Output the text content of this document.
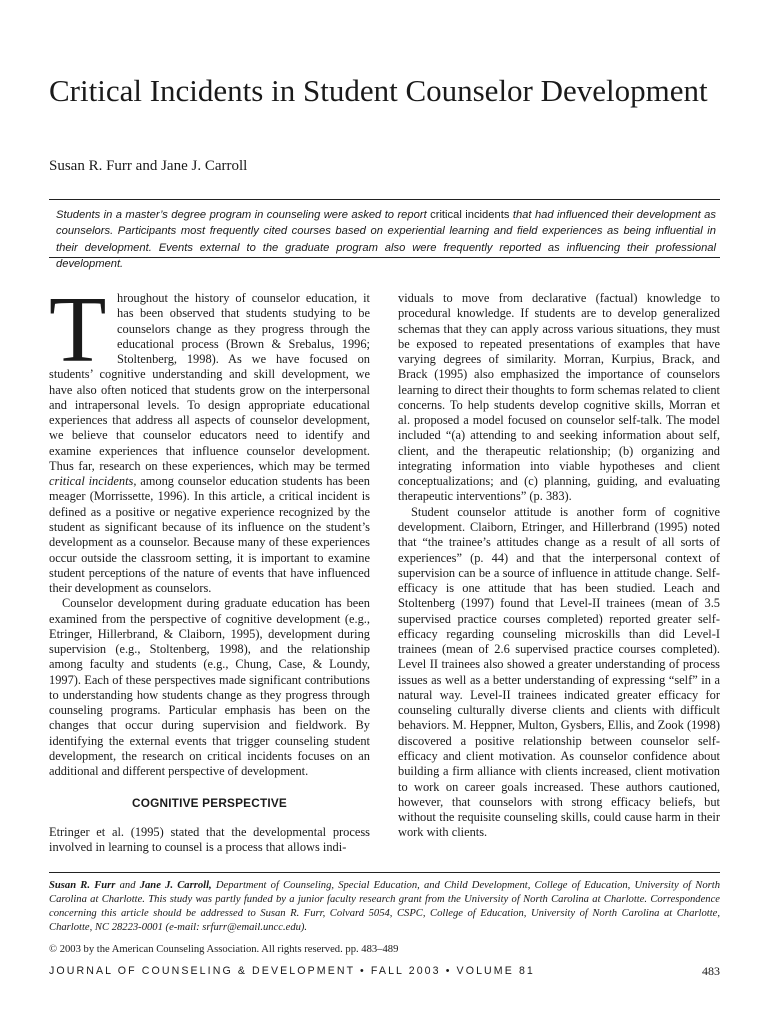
Critical Incidents in Student Counselor Development
Susan R. Furr and Jane J. Carroll
Students in a master’s degree program in counseling were asked to report critical incidents that had influenced their development as counselors. Participants most frequently cited courses based on experiential learning and field experiences as being influential in their development. Events external to the graduate program also were frequently reported as influencing their professional development.

Throughout the history of counselor education, it has been observed that students studying to be counselors change as they progress through the educational process (Brown & Srebalus, 1996; Stoltenberg, 1998). As we have focused on students’ cognitive understanding and skill development, we have also often noticed that students grow on the interpersonal and intrapersonal levels. To design appropriate educational experiences that address all aspects of counselor development, we believe that counselor educators need to identify and examine experiences that influence counselor development. Thus far, research on these experiences, which may be termed critical incidents, among counselor education students has been meager (Morrissette, 1996). In this article, a critical incident is defined as a positive or negative experience recognized by the student as significant because of its influence on the student’s development as a counselor. Because many of these experiences occur outside the classroom setting, it is important to examine student perceptions of the nature of events that have influenced their development as counselors.

Counselor development during graduate education has been examined from the perspective of cognitive development (e.g., Etringer, Hillerbrand, & Claiborn, 1995), development during supervision (e.g., Stoltenberg, 1998), and the relationship among faculty and students (e.g., Chung, Case, & Loundy, 1997). Each of these perspectives made significant contributions to understanding how students change as they progress through counseling programs. Particular emphasis has been on the changes that occur during supervision and fieldwork. By identifying the external events that trigger counseling student development, the research on critical incidents focuses on an additional and different perspective of development.

COGNITIVE PERSPECTIVE

Etringer et al. (1995) stated that the developmental process involved in learning to counsel is a process that allows indi-

viduals to move from declarative (factual) knowledge to procedural knowledge. If students are to develop generalized schemas that they can apply across various situations, they must be exposed to repeated presentations of examples that have varying degrees of similarity. Morran, Kurpius, Brack, and Brack (1995) also emphasized the importance of counselors learning to direct their thoughts to form schemas related to client concerns. To help students develop cognitive skills, Morran et al. proposed a model focused on counselor self-talk. The model included “(a) attending to and seeking information about self, client, and the therapeutic relationship; (b) organizing and integrating information into viable hypotheses and client conceptualizations; and (c) planning, guiding, and evaluating therapeutic interventions” (p. 383).

Student counselor attitude is another form of cognitive development. Claiborn, Etringer, and Hillerbrand (1995) noted that “the trainee’s attitudes change as a result of all sorts of experiences” (p. 44) and that the interpersonal context of supervision can be a source of influence in attitude change. Self-efficacy is one attitude that has been studied. Leach and Stoltenberg (1997) found that Level-II trainees (mean of 3.5 supervised practice courses completed) reported greater self-efficacy regarding counseling microskills than did Level-I trainees (mean of 2.6 supervised practice courses completed). Level II trainees also showed a greater understanding of process issues as well as a better understanding of expressing “self” in a natural way. Level-II trainees indicated greater efficacy for counseling culturally diverse clients and clients with difficult behaviors. M. Heppner, Multon, Gysbers, Ellis, and Zook (1998) discovered a positive relationship between counselor self-efficacy and client motivation. As counselor confidence about building a firm alliance with clients increased, client motivation to work on career goals increased. These authors cautioned, however, that counselors with strong efficacy beliefs, but without the requisite counseling skills, could cause harm in their work with clients.

Susan R. Furr and Jane J. Carroll, Department of Counseling, Special Education, and Child Development, College of Education, University of North Carolina at Charlotte. This study was partly funded by a junior faculty research grant from the University of North Carolina at Charlotte. Correspondence concerning this article should be addressed to Susan R. Furr, Colvard 5054, CSPC, College of Education, University of North Carolina at Charlotte, Charlotte, NC 28223-0001 (e-mail: srfurr@email.uncc.edu).
© 2003 by the American Counseling Association. All rights reserved. pp. 483–489
JOURNAL OF COUNSELING & DEVELOPMENT • FALL 2003 • VOLUME 81	483
